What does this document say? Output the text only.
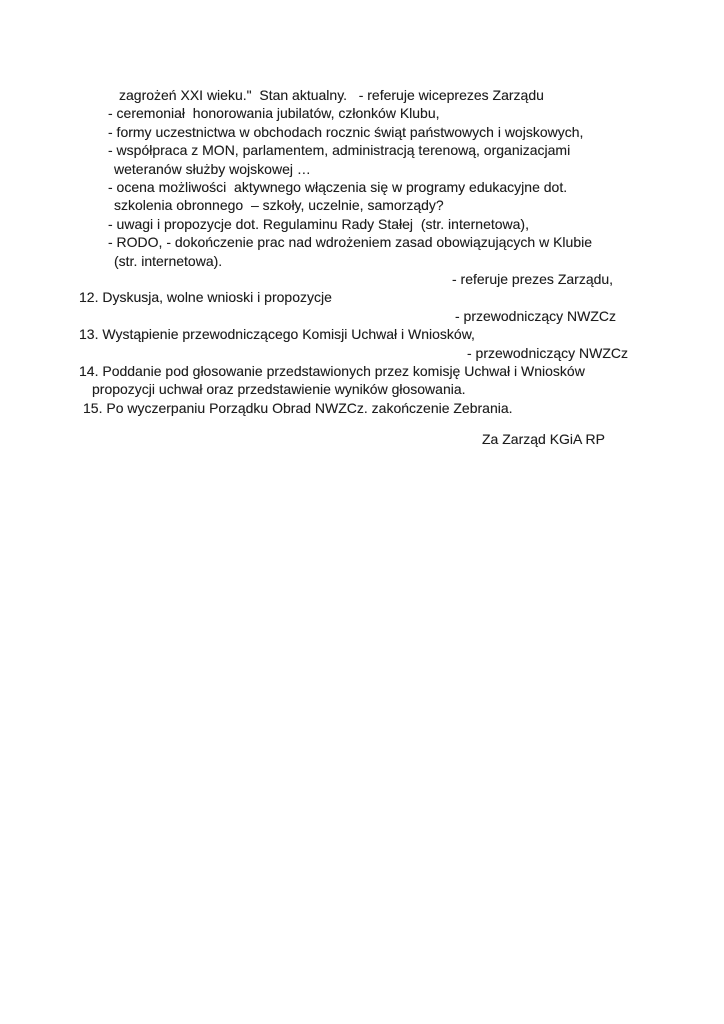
zagrożeń XXI wieku."  Stan aktualny.   - referuje wiceprezes Zarządu
- ceremoniał  honorowania jubilatów, członków Klubu,
- formy uczestnictwa w obchodach rocznic świąt państwowych i wojskowych,
- współpraca z MON, parlamentem, administracją terenową, organizacjami
weteranów służby wojskowej …
- ocena możliwości  aktywnego włączenia się w programy edukacyjne dot.
szkolenia obronnego  – szkoły, uczelnie, samorządy?
- uwagi i propozycje dot. Regulaminu Rady Stałej  (str. internetowa),
- RODO, - dokończenie prac nad wdrożeniem zasad obowiązujących w Klubie
(str. internetowa).
- referuje prezes Zarządu,
12. Dyskusja, wolne wnioski i propozycje
- przewodniczący NWZCz
13. Wystąpienie przewodniczącego Komisji Uchwał i Wniosków,
- przewodniczący NWZCz
14. Poddanie pod głosowanie przedstawionych przez komisję Uchwał i Wniosków
propozycji uchwał oraz przedstawienie wyników głosowania.
15. Po wyczerpaniu Porządku Obrad NWZCz. zakończenie Zebrania.
Za Zarząd KGiA RP
